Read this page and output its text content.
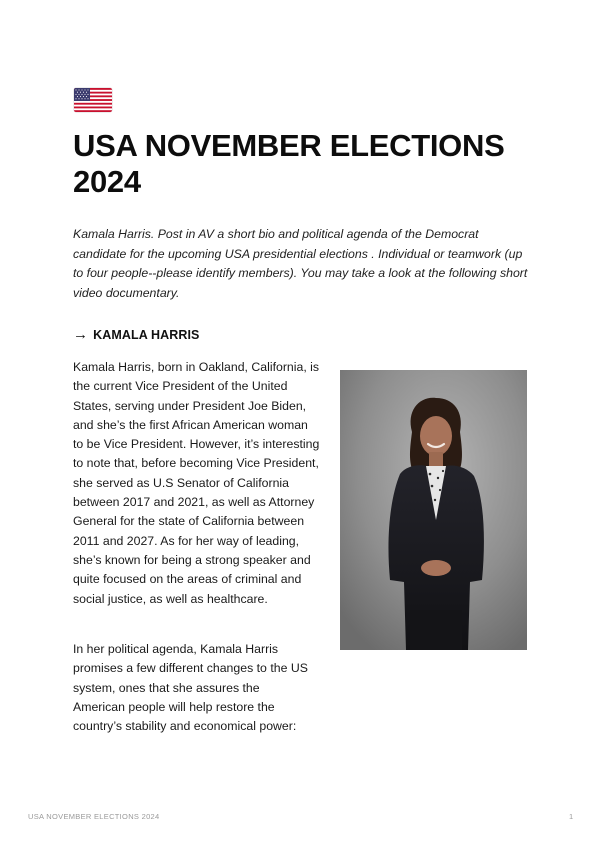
USA NOVEMBER ELECTIONS 2024

Kamala Harris. Post in AV a short bio and political agenda of the Democrat candidate for the upcoming USA presidential elections . Individual or teamwork (up to four people--please identify members). You may take a look at the following short video documentary.

→ KAMALA HARRIS

Kamala Harris, born in Oakland, California, is the current Vice President of the United States, serving under President Joe Biden, and she’s the first African American woman to be Vice President. However, it’s interesting to note that, before becoming Vice President, she served as U.S Senator of California between 2017 and 2021, as well as Attorney General for the state of California between 2011 and 2027. As for her way of leading, she’s known for being a strong speaker and quite focused on the areas of criminal and social justice, as well as healthcare.

In her political agenda, Kamala Harris promises a few different changes to the US system, ones that she assures the American people will help restore the country’s stability and economical power:

USA NOVEMBER ELECTIONS 2024	1
